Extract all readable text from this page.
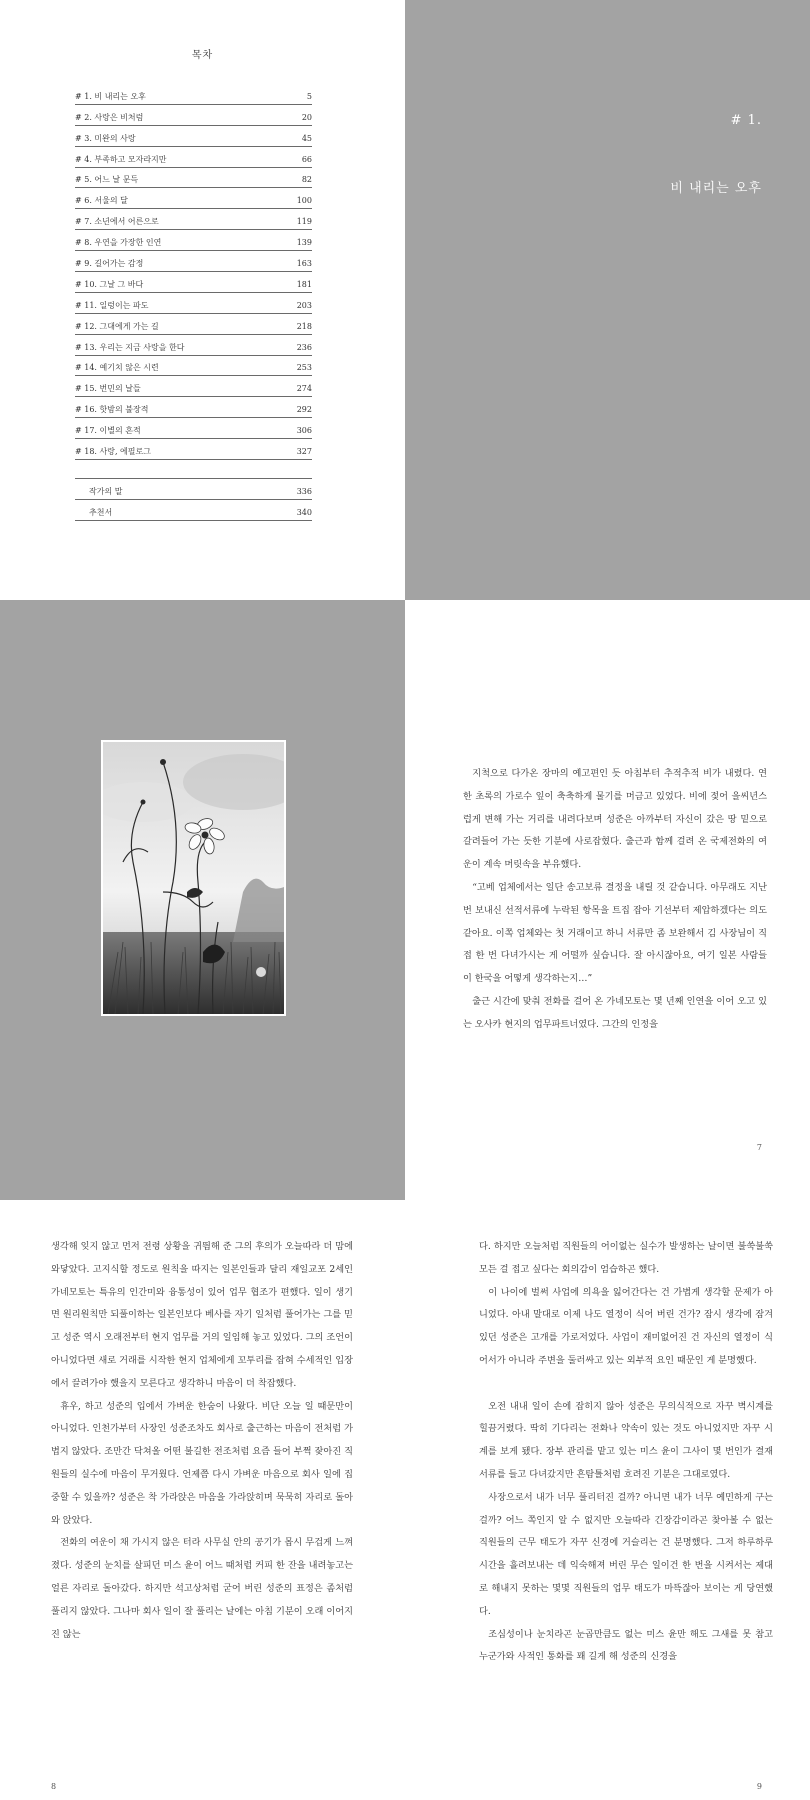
목차
# 1. 비 내리는 오후	5
# 2. 사랑은 비처럼	20
# 3. 미완의 사랑	45
# 4. 부족하고 모자라지만	66
# 5. 어느 날 문득	82
# 6. 서울의 달	100
# 7. 소년에서 어른으로	119
# 8. 우연을 가장한 인연	139
# 9. 길어가는 감정	163
# 10. 그날 그 바다	181
# 11. 일렁이는 파도	203
# 12. 그대에게 가는 길	218
# 13. 우리는 지금 사랑을 한다	236
# 14. 예기치 않은 시련	253
# 15. 번민의 날들	274
# 16. 핫밤의 불장적	292
# 17. 이별의 흔적	306
# 18. 사랑, 에필로그	327
작가의 말	336
추천서	340
# 1.
비 내리는 오후

지척으로 다가온 장마의 예고편인 듯 아침부터 추적추적 비가 내렸다. 연한 초록의 가로수 잎이 축축하게 물기를 머금고 있었다. 비에 젖어 을씨년스럽게 변해 가는 거리를 내려다보며 성준은 아까부터 자신이 갔은 땅 밑으로 갈려들어 가는 듯한 기분에 사로잡혔다. 출근과 함께 걸려 온 국제전화의 여운이 계속 머릿속을 부유했다.

“고베 업체에서는 일단 송고보류 결정을 내릴 것 같습니다. 아무래도 지난번 보내신 선적서류에 누락된 항목을 트집 잡아 기선부터 제압하겠다는 의도 같아요. 이쪽 업체와는 첫 거래이고 하니 서류만 좀 보완해서 김 사장님이 직접 한 번 다녀가시는 게 어떨까 싶습니다. 잘 아시잖아요, 여기 일본 사람들이 한국을 어떻게 생각하는지…”

출근 시간에 맞춰 전화를 걸어 온 가네모토는 몇 년째 인연을 이어 오고 있는 오사카 현지의 업무파트너였다. 그간의 인정을

7

생각해 잊지 않고 먼저 전령 상황을 귀띔해 준 그의 후의가 오늘따라 더 맘에 와닿았다. 고지식할 정도로 원칙을 따지는 일본인들과 달리 재일교포 2세인 가네모토는 특유의 인간미와 융통성이 있어 업무 협조가 편했다. 일이 생기면 원리원칙만 되풀이하는 일본인보다 베사를 자기 일처럼 풀어가는 그를 믿고 성준 역시 오래전부터 현지 업무를 거의 일임해 놓고 있었다. 그의 조언이 아니었다면 새로 거래를 시작한 현지 업체에게 꼬투리를 잡혀 수세적인 입장에서 끌려가야 했을지 모른다고 생각하니 마음이 더 착잡했다.

휴우, 하고 성준의 입에서 가벼운 한숨이 나왔다. 비단 오늘 일 때문만이 아니었다. 인천가부터 사장인 성준조차도 회사로 출근하는 마음이 전처럼 가볍지 않았다. 조만간 닥쳐올 어떤 불길한 전조처럼 요즘 들어 부쩍 잦아진 직원들의 실수에 마음이 무거웠다. 언제쯤 다시 가벼운 마음으로 회사 일에 집중할 수 있을까? 성준은 착 가라앉은 마음을 가라앉히며 묵묵히 자리로 돌아와 앉았다.

전화의 여운이 채 가시지 않은 터라 사무실 안의 공기가 몹시 무겁게 느껴졌다. 성준의 눈치를 살피던 미스 윤이 어느 때처럼 커피 한 잔을 내려놓고는 얼른 자리로 돌아갔다. 하지만 석고상처럼 굳어 버린 성준의 표정은 좀처럼 풀리지 않았다. 그나마 회사 일이 잘 풀리는 날에는 아침 기분이 오래 이어지진 않는

8

다. 하지만 오늘처럼 직원들의 어이없는 실수가 발생하는 날이면 불쑥불쑥 모든 걸 접고 싶다는 회의감이 엄습하곤 했다.

이 나이에 벌써 사업에 의욕을 잃어간다는 건 가볍게 생각할 문제가 아니었다. 아내 말대로 이제 나도 열정이 식어 버린 건가? 잠시 생각에 잠겨있던 성준은 고개를 가로저었다. 사업이 재미없어진 건 자신의 열정이 식어서가 아니라 주변을 둘러싸고 있는 외부적 요인 때문인 게 분명했다.

오전 내내 일이 손에 잡히지 않아 성준은 무의식적으로 자꾸 벽시계를 힐끔거렸다. 딱히 기다리는 전화나 약속이 있는 것도 아니었지만 자꾸 시계를 보게 됐다. 장부 관리를 맡고 있는 미스 윤이 그사이 몇 번인가 결재서류를 들고 다녀갔지만 흔탐틀처럼 흐려진 기분은 그대로였다.

사장으로서 내가 너무 풀리터진 걸까? 아니면 내가 너무 예민하게 구는 걸까? 어느 쪽인지 알 수 없지만 오늘따라 긴장감이라곤 찾아볼 수 없는 직원들의 근무 태도가 자꾸 신경에 거슬리는 건 분명했다. 그저 하루하루 시간을 흘려보내는 데 익숙해져 버린 무슨 일이건 한 번을 시켜서는 제대로 해내지 못하는 몇몇 직원들의 업무 태도가 마뜩잖아 보이는 게 당연했다.

조심성이나 눈치라곤 눈곱만큼도 없는 미스 윤만 해도 그새를 못 참고 누군가와 사적인 통화를 꽤 길게 해 성준의 신경을

9
